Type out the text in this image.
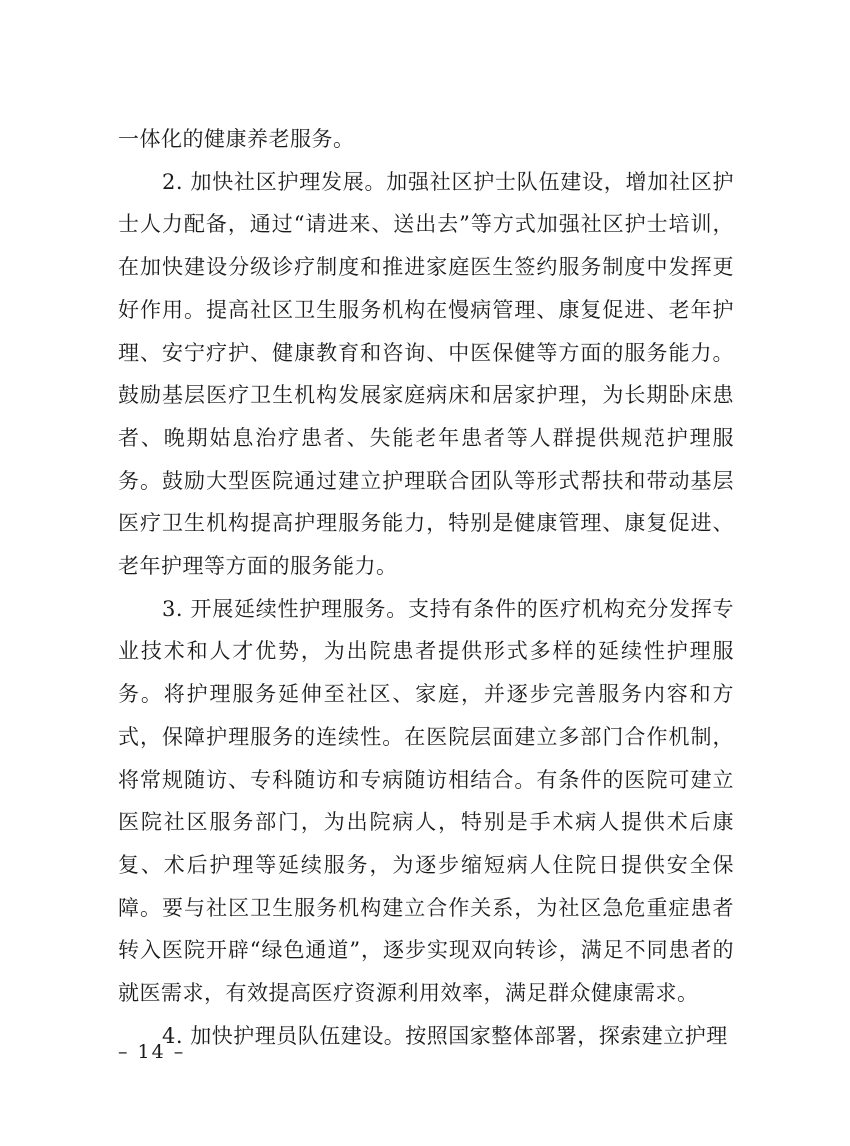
一体化的健康养老服务。

2. 加快社区护理发展。加强社区护士队伍建设，增加社区护士人力配备，通过“请进来、送出去”等方式加强社区护士培训，在加快建设分级诊疗制度和推进家庭医生签约服务制度中发挥更好作用。提高社区卫生服务机构在慢病管理、康复促进、老年护理、安宁疗护、健康教育和咨询、中医保健等方面的服务能力。鼓励基层医疗卫生机构发展家庭病床和居家护理，为长期卧床患者、晚期姑息治疗患者、失能老年患者等人群提供规范护理服务。鼓励大型医院通过建立护理联合团队等形式帮扶和带动基层医疗卫生机构提高护理服务能力，特别是健康管理、康复促进、老年护理等方面的服务能力。

3. 开展延续性护理服务。支持有条件的医疗机构充分发挥专业技术和人才优势，为出院患者提供形式多样的延续性护理服务。将护理服务延伸至社区、家庭，并逐步完善服务内容和方式，保障护理服务的连续性。在医院层面建立多部门合作机制，将常规随访、专科随访和专病随访相结合。有条件的医院可建立医院社区服务部门，为出院病人，特别是手术病人提供术后康复、术后护理等延续服务，为逐步缩短病人住院日提供安全保障。要与社区卫生服务机构建立合作关系，为社区急危重症患者转入医院开辟“绿色通道”，逐步实现双向转诊，满足不同患者的就医需求，有效提高医疗资源利用效率，满足群众健康需求。

4. 加快护理员队伍建设。按照国家整体部署，探索建立护理

– 14 –
